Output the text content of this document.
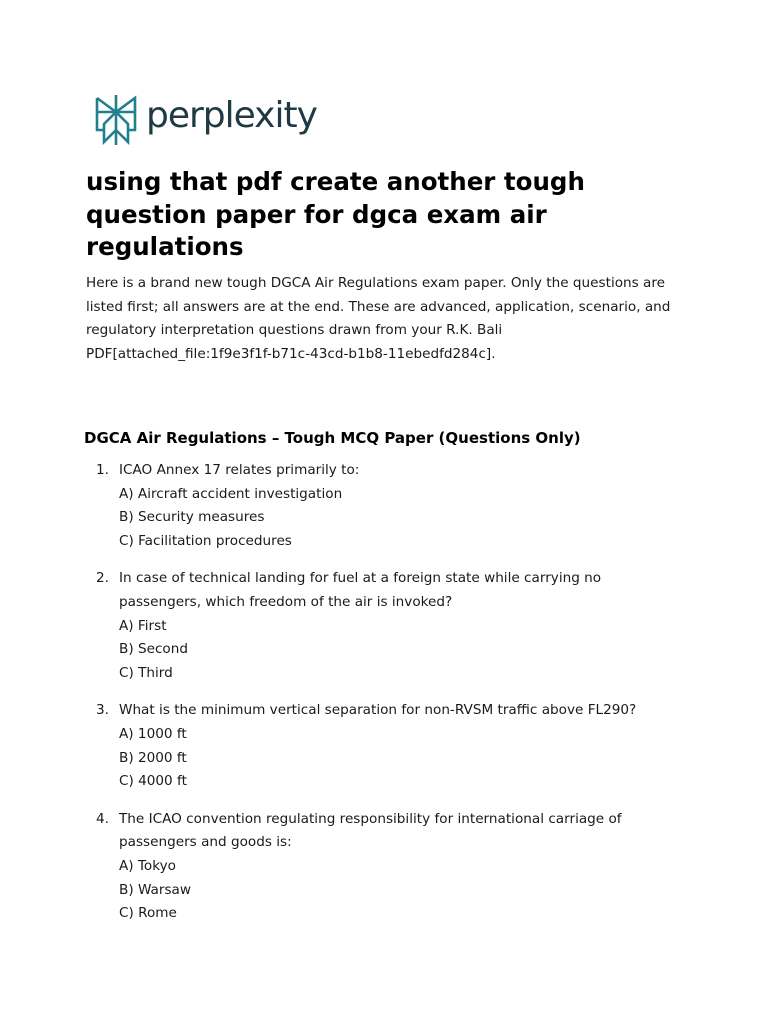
perplexity
using that pdf create another tough question paper for dgca exam air regulations

Here is a brand new tough DGCA Air Regulations exam paper. Only the questions are listed first; all answers are at the end. These are advanced, application, scenario, and regulatory interpretation questions drawn from your R.K. Bali PDF[attached_file:1f9e3f1f-b71c-43cd-b1b8-11ebedfd284c].

DGCA Air Regulations – Tough MCQ Paper (Questions Only)
1. ICAO Annex 17 relates primarily to:
A) Aircraft accident investigation
B) Security measures
C) Facilitation procedures
2. In case of technical landing for fuel at a foreign state while carrying no passengers, which freedom of the air is invoked?
A) First
B) Second
C) Third
3. What is the minimum vertical separation for non-RVSM traffic above FL290?
A) 1000 ft
B) 2000 ft
C) 4000 ft
4. The ICAO convention regulating responsibility for international carriage of passengers and goods is:
A) Tokyo
B) Warsaw
C) Rome
